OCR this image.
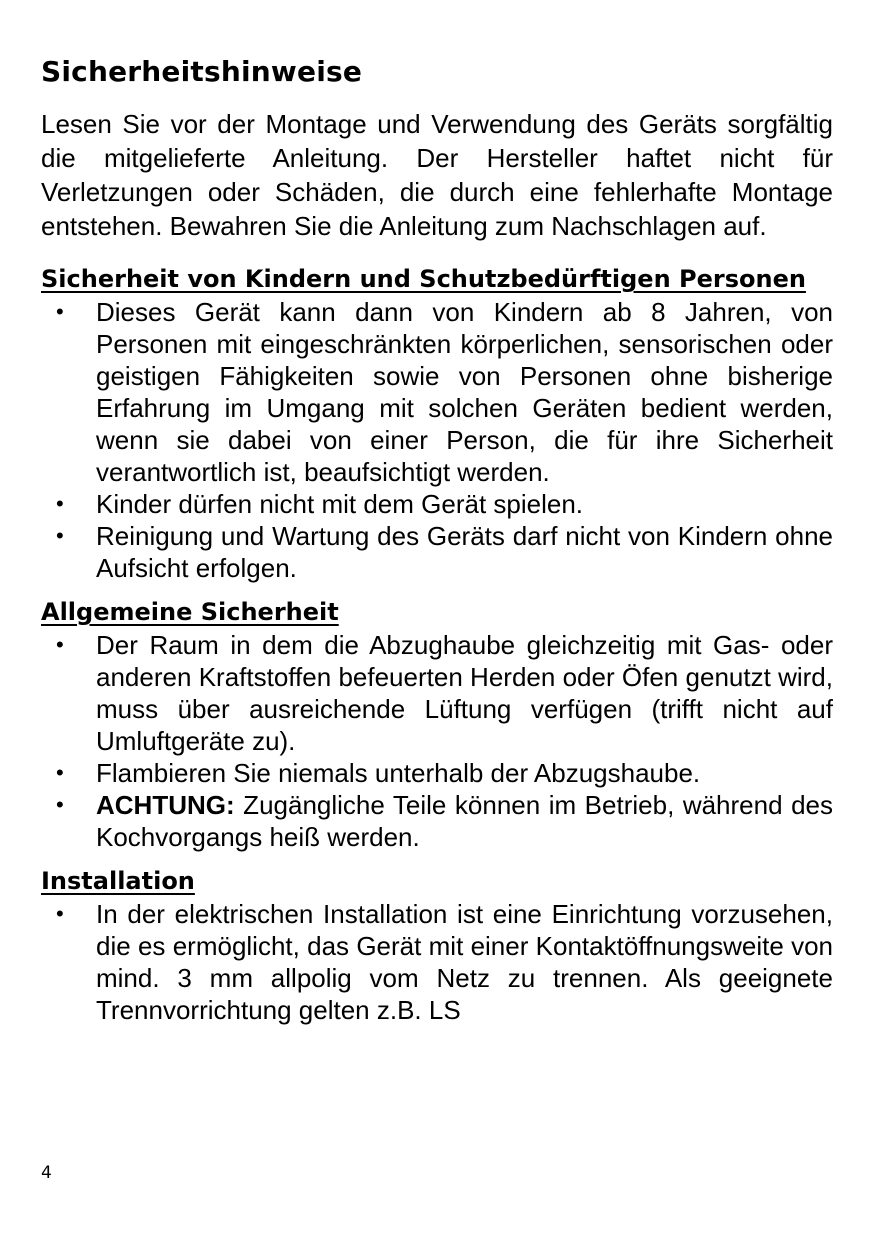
Sicherheitshinweise

Lesen Sie vor der Montage und Verwendung des Geräts sorgfältig die mitgelieferte Anleitung. Der Hersteller haftet nicht für Verletzungen oder Schäden, die durch eine fehlerhafte Montage entstehen. Bewahren Sie die Anleitung zum Nachschlagen auf.

Sicherheit von Kindern und Schutzbedürftigen Personen
• Dieses Gerät kann dann von Kindern ab 8 Jahren, von Personen mit eingeschränkten körperlichen, sensorischen oder geistigen Fähigkeiten sowie von Personen ohne bisherige Erfahrung im Umgang mit solchen Geräten bedient werden, wenn sie dabei von einer Person, die für ihre Sicherheit verantwortlich ist, beaufsichtigt werden.
• Kinder dürfen nicht mit dem Gerät spielen.
• Reinigung und Wartung des Geräts darf nicht von Kindern ohne Aufsicht erfolgen.
Allgemeine Sicherheit
• Der Raum in dem die Abzughaube gleichzeitig mit Gas- oder anderen Kraftstoffen befeuerten Herden oder Öfen genutzt wird, muss über ausreichende Lüftung verfügen (trifft nicht auf Umluftgeräte zu).
• Flambieren Sie niemals unterhalb der Abzugshaube.
• ACHTUNG: Zugängliche Teile können im Betrieb, während des Kochvorgangs heiß werden.
Installation
• In der elektrischen Installation ist eine Einrichtung vorzusehen, die es ermöglicht, das Gerät mit einer Kontaktöffnungsweite von mind. 3 mm allpolig vom Netz zu trennen. Als geeignete Trennvorrichtung gelten z.B. LS
4
